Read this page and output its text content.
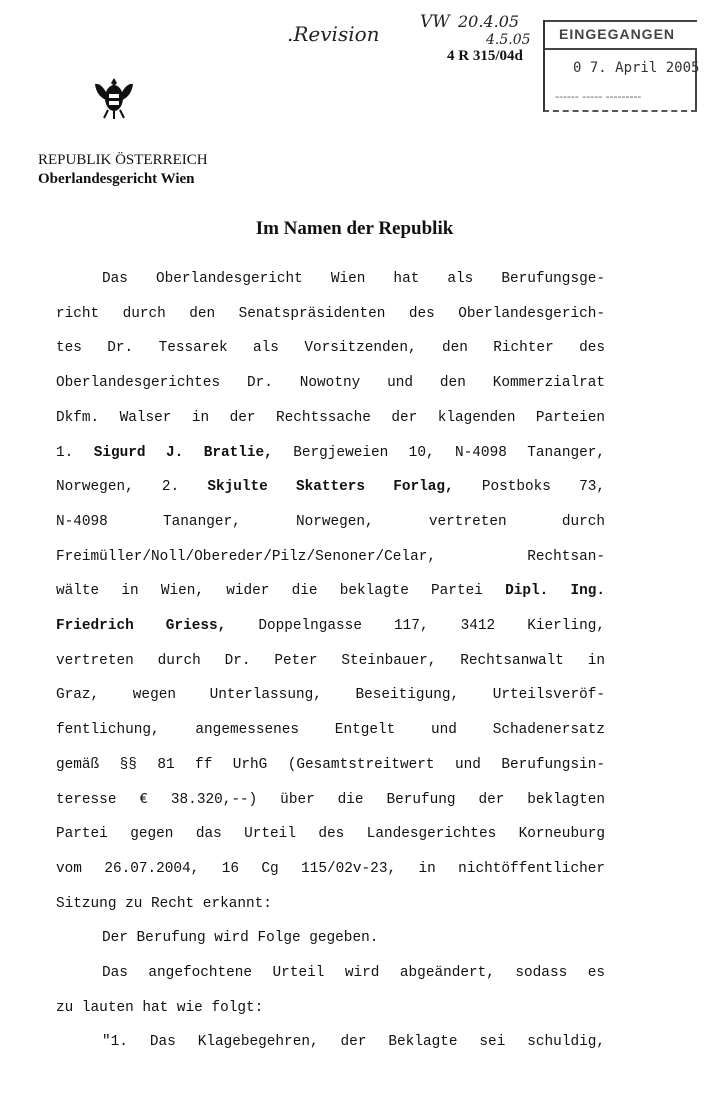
.Revision VW 20.4.05
4.5.05
4 R 315/04d
EINGEGANGEN
0 7. April 2005
------ ----- ---------
REPUBLIK ÖSTERREICH
Oberlandesgericht Wien
Im Namen der Republik

Das Oberlandesgericht Wien hat als Berufungsge-

richt durch den Senatspräsidenten des Oberlandesgerich-

tes Dr. Tessarek als Vorsitzenden, den Richter des

Oberlandesgerichtes Dr. Nowotny und den Kommerzialrat

Dkfm. Walser in der Rechtssache der klagenden Parteien

1. Sigurd J. Bratlie, Bergjeweien 10, N-4098 Tananger,

Norwegen, 2. Skjulte Skatters Forlag, Postboks 73,

N-4098 Tananger, Norwegen, vertreten durch

Freimüller/Noll/Obereder/Pilz/Senoner/Celar, Rechtsan-

wälte in Wien, wider die beklagte Partei Dipl. Ing.

Friedrich Griess, Doppelngasse 117, 3412 Kierling,

vertreten durch Dr. Peter Steinbauer, Rechtsanwalt in

Graz, wegen Unterlassung, Beseitigung, Urteilsveröf-

fentlichung, angemessenes Entgelt und Schadenersatz

gemäß §§ 81 ff UrhG (Gesamtstreitwert und Berufungsin-

teresse € 38.320,--) über die Berufung der beklagten

Partei gegen das Urteil des Landesgerichtes Korneuburg

vom 26.07.2004, 16 Cg 115/02v-23, in nichtöffentlicher

Sitzung zu Recht erkannt:

Der Berufung wird Folge gegeben.

Das angefochtene Urteil wird abgeändert, sodass es

zu lauten hat wie folgt:

"1. Das Klagebegehren, der Beklagte sei schuldig,
